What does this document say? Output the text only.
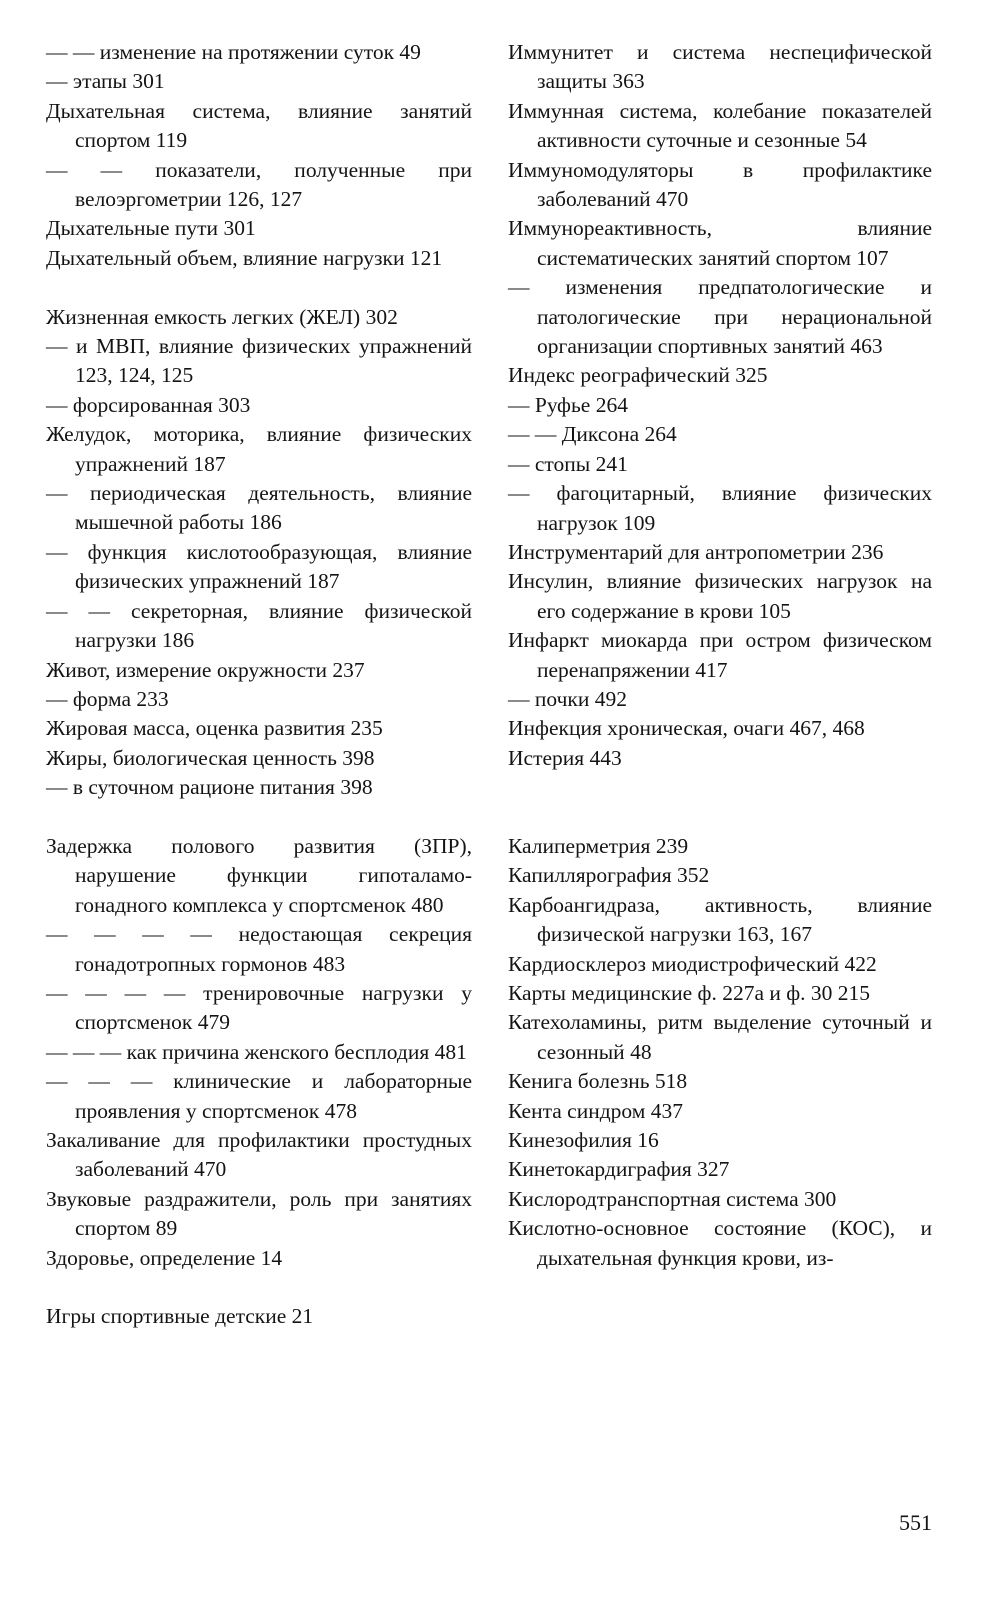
— — изменение на протяжении суток 49

— этапы 301

Дыхательная система, влияние занятий спортом 119

— — показатели, полученные при велоэргометрии 126, 127

Дыхательные пути 301

Дыхательный объем, влияние нагрузки 121

Жизненная емкость легких (ЖЕЛ) 302

— и МВП, влияние физических упражнений 123, 124, 125

— форсированная 303

Желудок, моторика, влияние физических упражнений 187

— периодическая деятельность, влияние мышечной работы 186

— функция кислотообразующая, влияние физических упражнений 187

— — секреторная, влияние физической нагрузки 186

Живот, измерение окружности 237

— форма 233

Жировая масса, оценка развития 235

Жиры, биологическая ценность 398

— в суточном рационе питания 398

Задержка полового развития (ЗПР), нарушение функции гипоталамо-гонадного комплекса у спортсменок 480

— — — — недостающая секреция гонадотропных гормонов 483

— — — — тренировочные нагрузки у спортсменок 479

— — — как причина женского бесплодия 481

— — — клинические и лабораторные проявления у спортсменок 478

Закаливание для профилактики простудных заболеваний 470

Звуковые раздражители, роль при занятиях спортом 89

Здоровье, определение 14

Игры спортивные детские 21

Иммунитет и система неспецифической защиты 363

Иммунная система, колебание показателей активности суточные и сезонные 54

Иммуномодуляторы в профилактике заболеваний 470

Иммунореактивность, влияние систематических занятий спортом 107

— изменения предпатологические и патологические при нерациональной организации спортивных занятий 463

Индекс реографический 325

— Руфье 264

— — Диксона 264

— стопы 241

— фагоцитарный, влияние физических нагрузок 109

Инструментарий для антропометрии 236

Инсулин, влияние физических нагрузок на его содержание в крови 105

Инфаркт миокарда при остром физическом перенапряжении 417

— почки 492

Инфекция хроническая, очаги 467, 468

Истерия 443

Калиперметрия 239

Капиллярография 352

Карбоангидраза, активность, влияние физической нагрузки 163, 167

Кардиосклероз миодистрофический 422

Карты медицинские ф. 227а и ф. 30 215

Катехоламины, ритм выделение суточный и сезонный 48

Кенига болезнь 518

Кента синдром 437

Кинезофилия 16

Кинетокардиграфия 327

Кислородтранспортная система 300

Кислотно-основное состояние (КОС), и дыхательная функция крови, из-

551
